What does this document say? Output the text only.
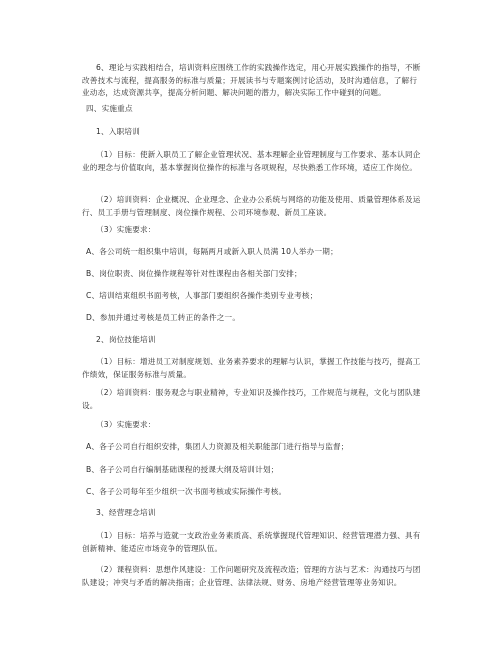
6、理论与实践相结合，培训资料应围绕工作的实践操作选定，用心开展实践操作的指导，不断改善技术与流程，提高服务的标准与质量；开展读书与专题案例讨论活动，及时沟通信息，了解行业动态，达成资源共享，提高分析问题、解决问题的潜力，解决实际工作中碰到的问题。
四、实施重点
1、入职培训
（1）目标：使新入职员工了解企业管理状况、基本理解企业管理制度与工作要求、基本认同企业的理念与价值取向，基本掌握岗位操作的标准与各项规程，尽快熟悉工作环境，适应工作岗位。
（2）培训资料：企业概况、企业理念、企业办公系统与网络的功能及使用、质量管理体系及运行、员工手册与管理制度、岗位操作规程、公司环境参观、新员工座谈。
（3）实施要求：
A、各公司统一组织集中培训，每隔两月或新入职人员满 10人举办一期；
B、岗位职责、岗位操作规程等针对性课程由各相关部门安排；
C、培训结束组织书面考核，人事部门要组织各操作类别专业考核；
D、参加并通过考核是员工转正的条件之一。
2、岗位技能培训
（1）目标：增进员工对制度规划、业务素养要求的理解与认识，掌握工作技能与技巧，提高工作绩效，保证服务标准与质量。
（2）培训资料：服务观念与职业精神，专业知识及操作技巧，工作规范与规程，文化与团队建设。
（3）实施要求：
A、各子公司自行组织安排，集团人力资源及相关职能部门进行指导与监督；
B、各子公司自行编制基础课程的授课大纲及培训计划；
C、各子公司每年至少组织一次书面考核或实际操作考核。
3、经营理念培训
（1）目标：培养与造就一支政治业务素质高、系统掌握现代管理知识、经营管理潜力强、具有创新精神、能适应市场竞争的管理队伍。
（2）课程资料：思想作风建设：工作问题研究及流程改造；管理的方法与艺术：沟通技巧与团队建设；冲突与矛盾的解决指南；企业管理、法律法规、财务、房地产经营管理等业务知识。
